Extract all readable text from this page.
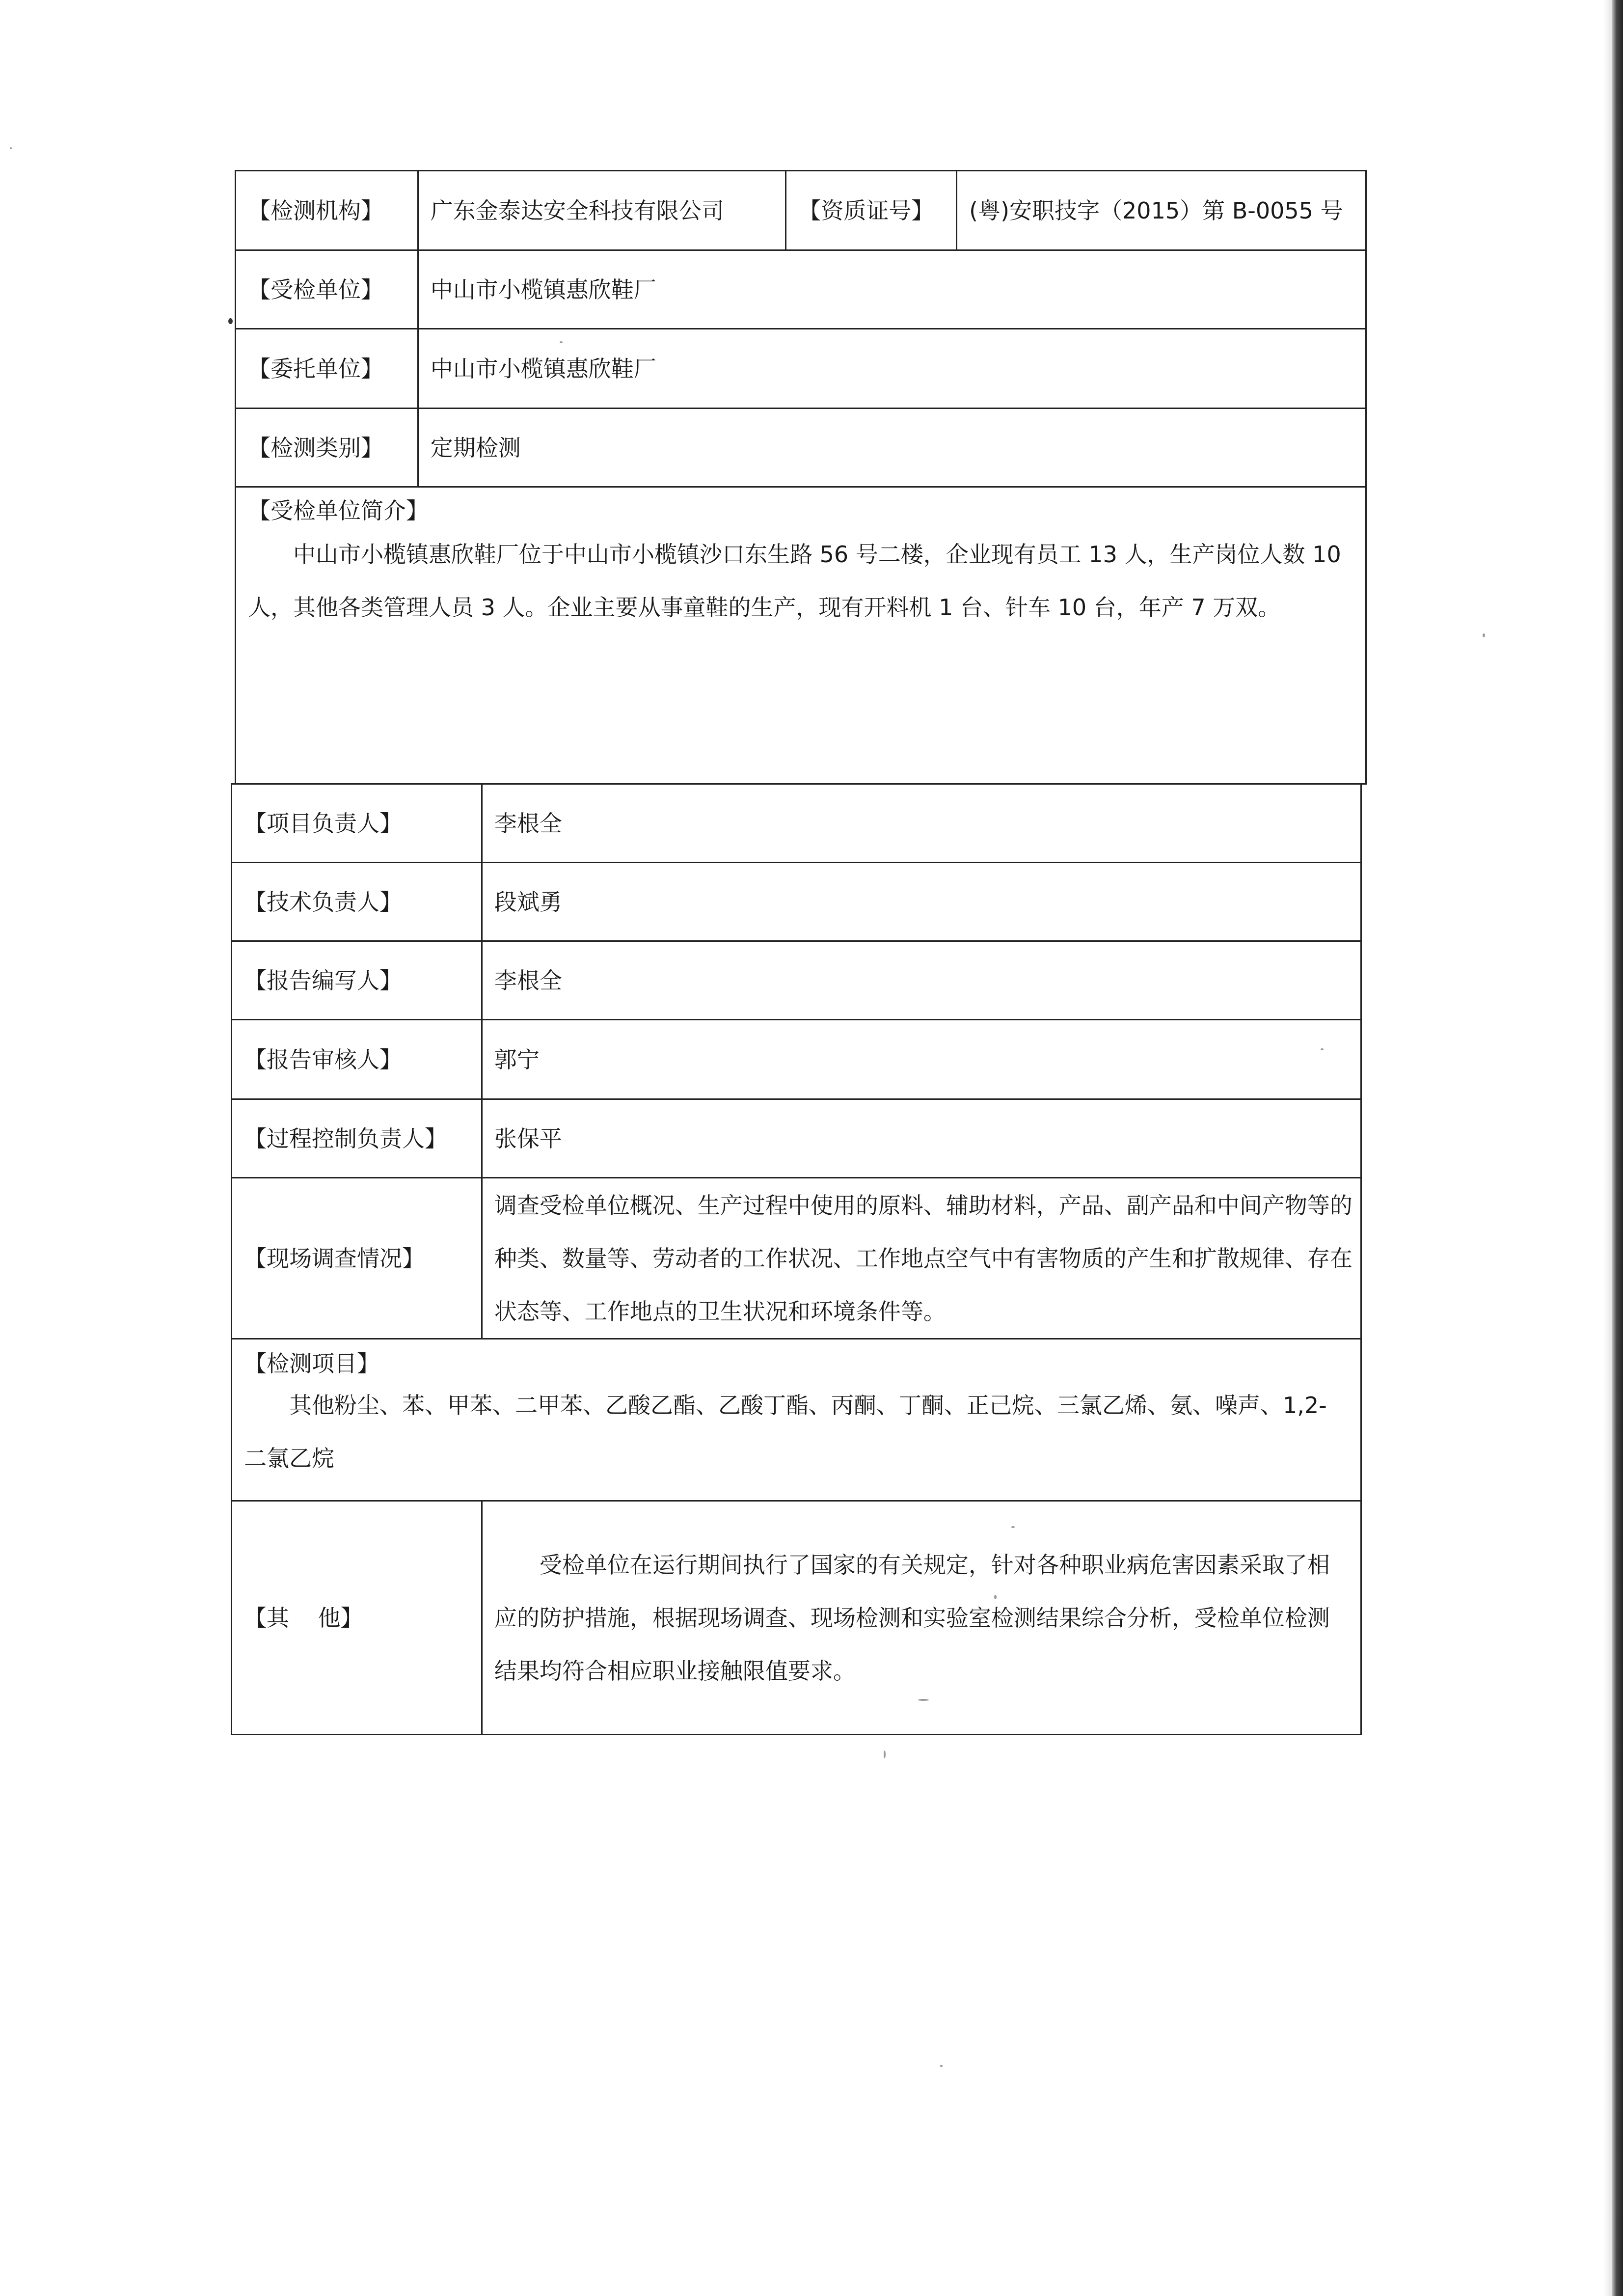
【检测机构】	广东金泰达安全科技有限公司	【资质证号】	(粤)安职技字（2015）第 B-0055 号
【受检单位】	中山市小榄镇惠欣鞋厂		
【委托单位】	中山市小榄镇惠欣鞋厂		
【检测类别】	定期检测		

【受检单位简介】

中山市小榄镇惠欣鞋厂位于中山市小榄镇沙口东生路 56 号二楼，企业现有员工 13 人，生产岗位人数 10 人，其他各类管理人员 3 人。企业主要从事童鞋的生产，现有开料机 1 台、针车 10 台，年产 7 万双。			

【项目负责人】	李根全
【技术负责人】	段斌勇
【报告编写人】	李根全
【报告审核人】	郭宁
【过程控制负责人】	张保平
【现场调查情况】	调查受检单位概况、生产过程中使用的原料、辅助材料，产品、副产品和中间产物等的种类、数量等、劳动者的工作状况、工作地点空气中有害物质的产生和扩散规律、存在状态等、工作地点的卫生状况和环境条件等。

【检测项目】

其他粉尘、苯、甲苯、二甲苯、乙酸乙酯、乙酸丁酯、丙酮、丁酮、正己烷、三氯乙烯、氨、噪声、1,2-二氯乙烷	

【其    他】	受检单位在运行期间执行了国家的有关规定，针对各种职业病危害因素采取了相应的防护措施，根据现场调查、现场检测和实验室检测结果综合分析，受检单位检测结果均符合相应职业接触限值要求。
